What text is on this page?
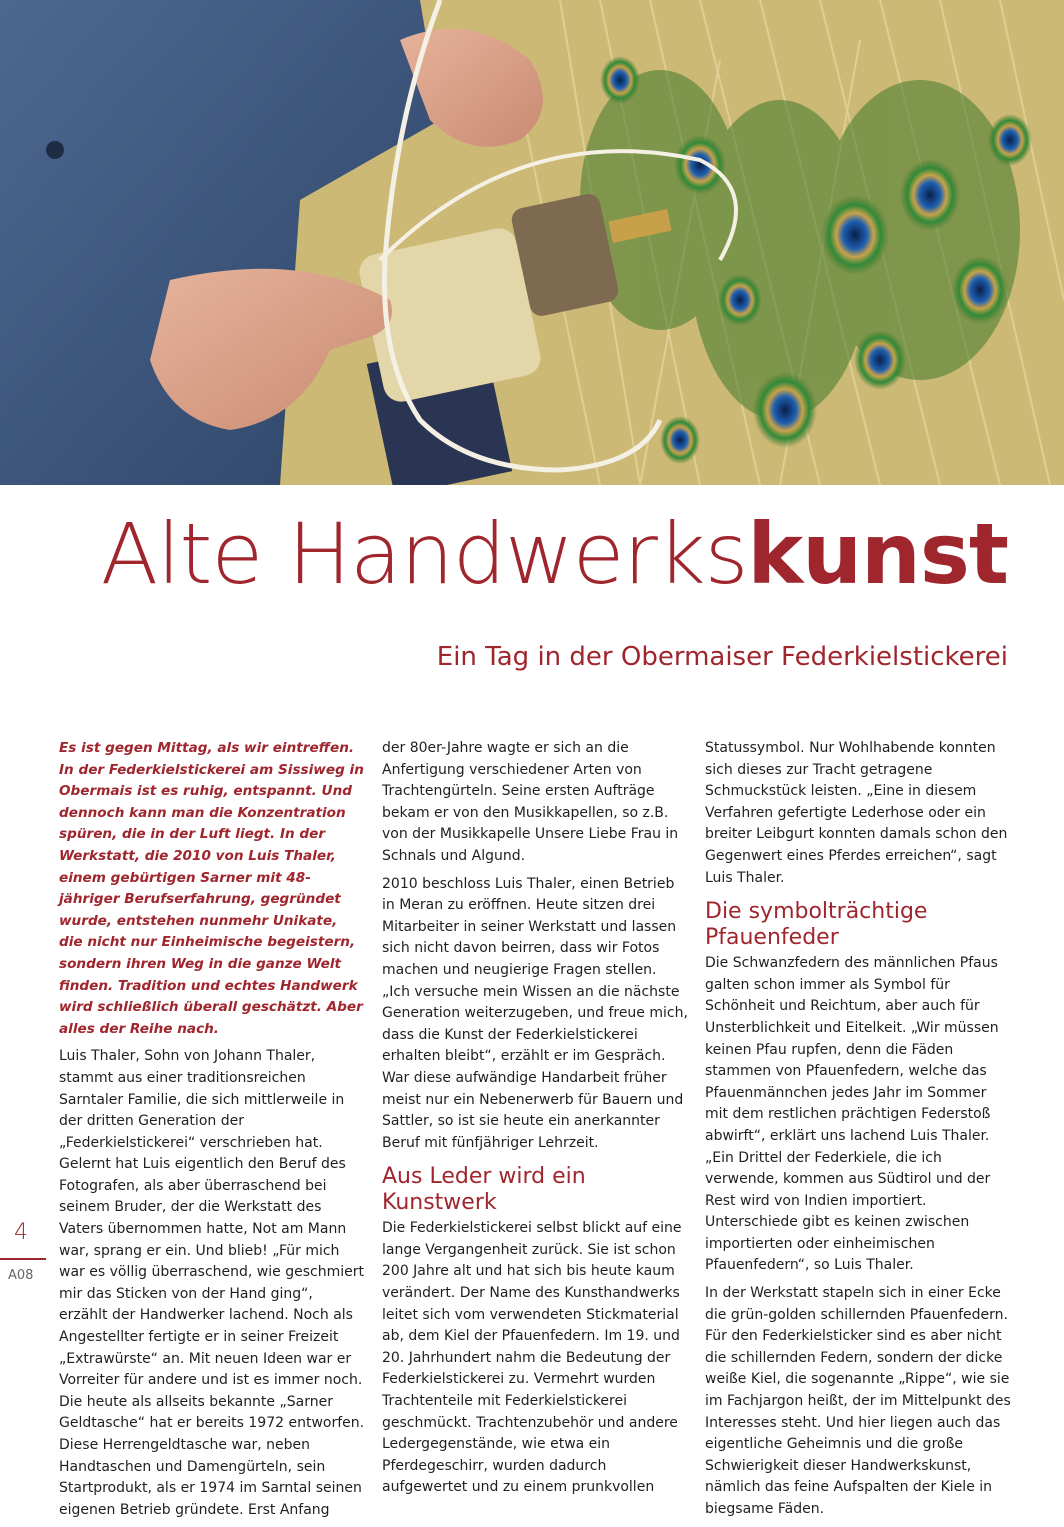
Alte Handwerkskunst
Ein Tag in der Obermaiser Federkielstickerei

Es ist gegen Mittag, als wir eintreffen. In der Federkielstickerei am Sissiweg in Obermais ist es ruhig, entspannt. Und dennoch kann man die Konzentration spüren, die in der Luft liegt. In der Werkstatt, die 2010 von Luis Thaler, einem gebürtigen Sarner mit 48-jähriger Berufserfahrung, gegründet wurde, entstehen nunmehr Unikate, die nicht nur Einheimische begeistern, sondern ihren Weg in die ganze Welt finden. Tradition und echtes Handwerk wird schließlich überall geschätzt. Aber alles der Reihe nach.

Luis Thaler, Sohn von Johann Thaler, stammt aus einer traditionsreichen Sarntaler Familie, die sich mittlerweile in der dritten Generation der „Federkielstickerei“ verschrieben hat. Gelernt hat Luis eigentlich den Beruf des Fotografen, als aber überraschend bei seinem Bruder, der die Werkstatt des Vaters übernommen hatte, Not am Mann war, sprang er ein. Und blieb! „Für mich war es völlig überraschend, wie geschmiert mir das Sticken von der Hand ging“, erzählt der Handwerker lachend. Noch als Angestellter fertigte er in seiner Freizeit „Extrawürste“ an. Mit neuen Ideen war er Vorreiter für andere und ist es immer noch. Die heute als allseits bekannte „Sarner Geldtasche“ hat er bereits 1972 entworfen. Diese Herrengeldtasche war, neben Handtaschen und Damengürteln, sein Startprodukt, als er 1974 im Sarntal seinen eigenen Betrieb gründete. Erst Anfang

der 80er-Jahre wagte er sich an die Anfertigung verschiedener Arten von Trachtengürteln. Seine ersten Aufträge bekam er von den Musikkapellen, so z.B. von der Musikkapelle Unsere Liebe Frau in Schnals und Algund.

2010 beschloss Luis Thaler, einen Betrieb in Meran zu eröffnen. Heute sitzen drei Mitarbeiter in seiner Werkstatt und lassen sich nicht davon beirren, dass wir Fotos machen und neugierige Fragen stellen. „Ich versuche mein Wissen an die nächste Generation weiterzugeben, und freue mich, dass die Kunst der Federkielstickerei erhalten bleibt“, erzählt er im Gespräch. War diese aufwändige Handarbeit früher meist nur ein Nebenerwerb für Bauern und Sattler, so ist sie heute ein anerkannter Beruf mit fünfjähriger Lehrzeit.

Aus Leder wird ein Kunstwerk

Die Federkielstickerei selbst blickt auf eine lange Vergangenheit zurück. Sie ist schon 200 Jahre alt und hat sich bis heute kaum verändert. Der Name des Kunsthandwerks leitet sich vom verwendeten Stickmaterial ab, dem Kiel der Pfauenfedern. Im 19. und 20. Jahrhundert nahm die Bedeutung der Federkielstickerei zu. Vermehrt wurden Trachtenteile mit Federkielstickerei geschmückt. Trachtenzubehör und andere Ledergegenstände, wie etwa ein Pferdegeschirr, wurden dadurch aufgewertet und zu einem prunkvollen

Statussymbol. Nur Wohlhabende konnten sich dieses zur Tracht getragene Schmuckstück leisten. „Eine in diesem Verfahren gefertigte Lederhose oder ein breiter Leibgurt konnten damals schon den Gegenwert eines Pferdes erreichen“, sagt Luis Thaler.

Die symbolträchtige Pfauenfeder

Die Schwanzfedern des männlichen Pfaus galten schon immer als Symbol für Schönheit und Reichtum, aber auch für Unsterblichkeit und Eitelkeit. „Wir müssen keinen Pfau rupfen, denn die Fäden stammen von Pfauenfedern, welche das Pfauenmännchen jedes Jahr im Sommer mit dem restlichen prächtigen Federstoß abwirft“, erklärt uns lachend Luis Thaler. „Ein Drittel der Federkiele, die ich verwende, kommen aus Südtirol und der Rest wird von Indien importiert. Unterschiede gibt es keinen zwischen importierten oder einheimischen Pfauenfedern“, so Luis Thaler.

In der Werkstatt stapeln sich in einer Ecke die grün-golden schillernden Pfauenfedern. Für den Federkielsticker sind es aber nicht die schillernden Federn, sondern der dicke weiße Kiel, die sogenannte „Rippe“, wie sie im Fachjargon heißt, der im Mittelpunkt des Interesses steht. Und hier liegen auch das eigentliche Geheimnis und die große Schwierigkeit dieser Handwerkskunst, nämlich das feine Aufspalten der Kiele in biegsame Fäden.

4
A08
